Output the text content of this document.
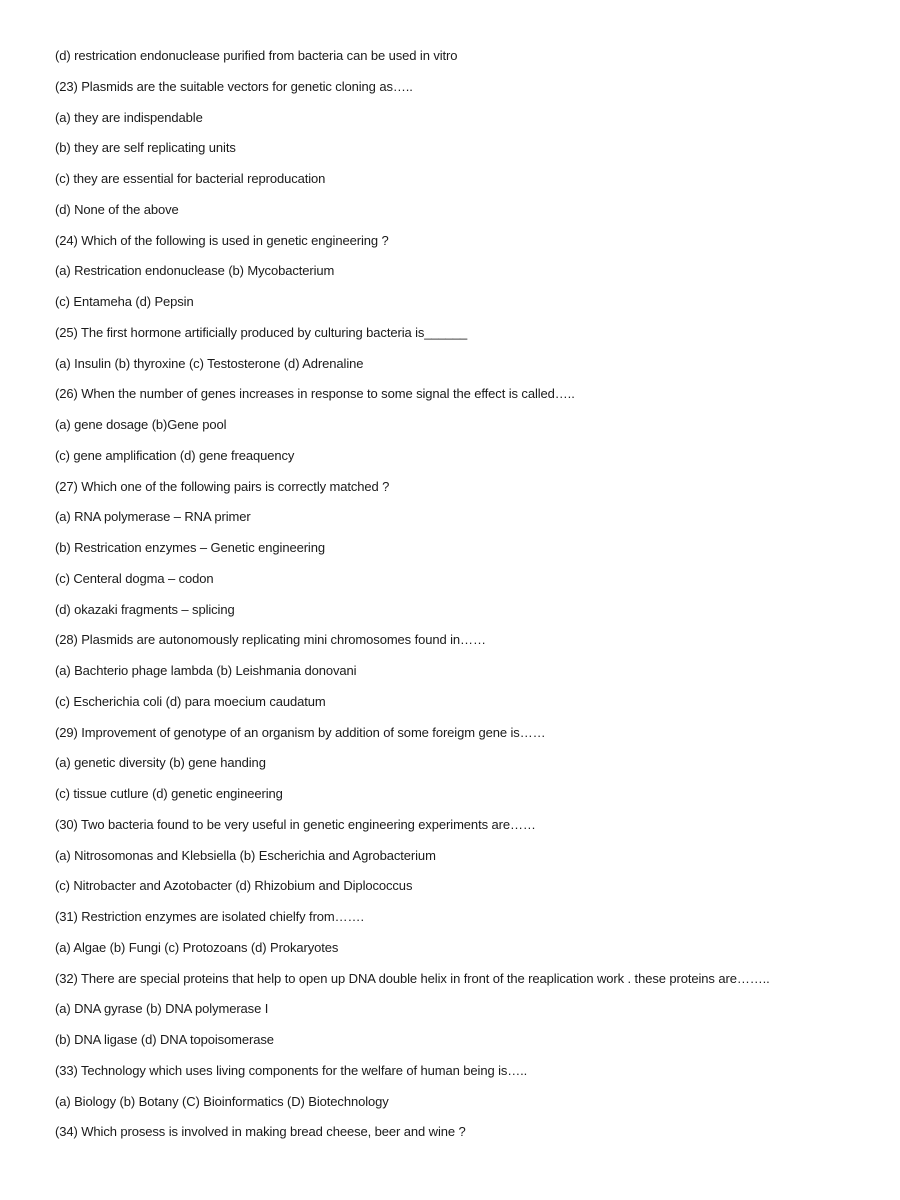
(d) restrication endonuclease purified from bacteria can be used in vitro
(23) Plasmids are the suitable vectors for genetic cloning as…..
(a) they are indispendable
(b) they are self replicating units
(c) they are essential for bacterial reproducation
(d) None of the above
(24) Which of the following is used in genetic engineering ?
(a) Restrication endonuclease (b) Mycobacterium
(c) Entameha (d) Pepsin
(25) The first hormone artificially produced by culturing bacteria is______
(a) Insulin (b) thyroxine (c) Testosterone (d) Adrenaline
(26) When the number of genes increases in response to some signal the effect is called…..
(a) gene dosage (b)Gene pool
(c) gene amplification (d) gene freaquency
(27) Which one of the following pairs is correctly matched ?
(a) RNA polymerase – RNA primer
(b) Restrication enzymes – Genetic engineering
(c) Centeral dogma – codon
(d) okazaki fragments – splicing
(28) Plasmids are autonomously replicating mini chromosomes found in……
(a) Bachterio phage lambda (b) Leishmania donovani
(c) Escherichia coli (d) para moecium caudatum
(29) Improvement of genotype of an organism by addition of some foreigm gene is……
(a) genetic diversity (b) gene handing
(c) tissue cutlure (d) genetic engineering
(30) Two bacteria found to be very useful in genetic engineering experiments are……
(a) Nitrosomonas and Klebsiella (b) Escherichia and Agrobacterium
(c) Nitrobacter and Azotobacter (d) Rhizobium and Diplococcus
(31) Restriction enzymes are isolated chielfy from…….
(a) Algae (b) Fungi (c) Protozoans (d) Prokaryotes
(32) There are special proteins that help to open up DNA double helix in front of the reaplication work . these proteins are……..
(a) DNA gyrase (b) DNA polymerase I
(b) DNA ligase (d) DNA topoisomerase
(33) Technology which uses living components for the welfare of human being is…..
(a) Biology (b) Botany (C) Bioinformatics (D) Biotechnology
(34) Which prosess is involved in making bread cheese, beer and wine ?
